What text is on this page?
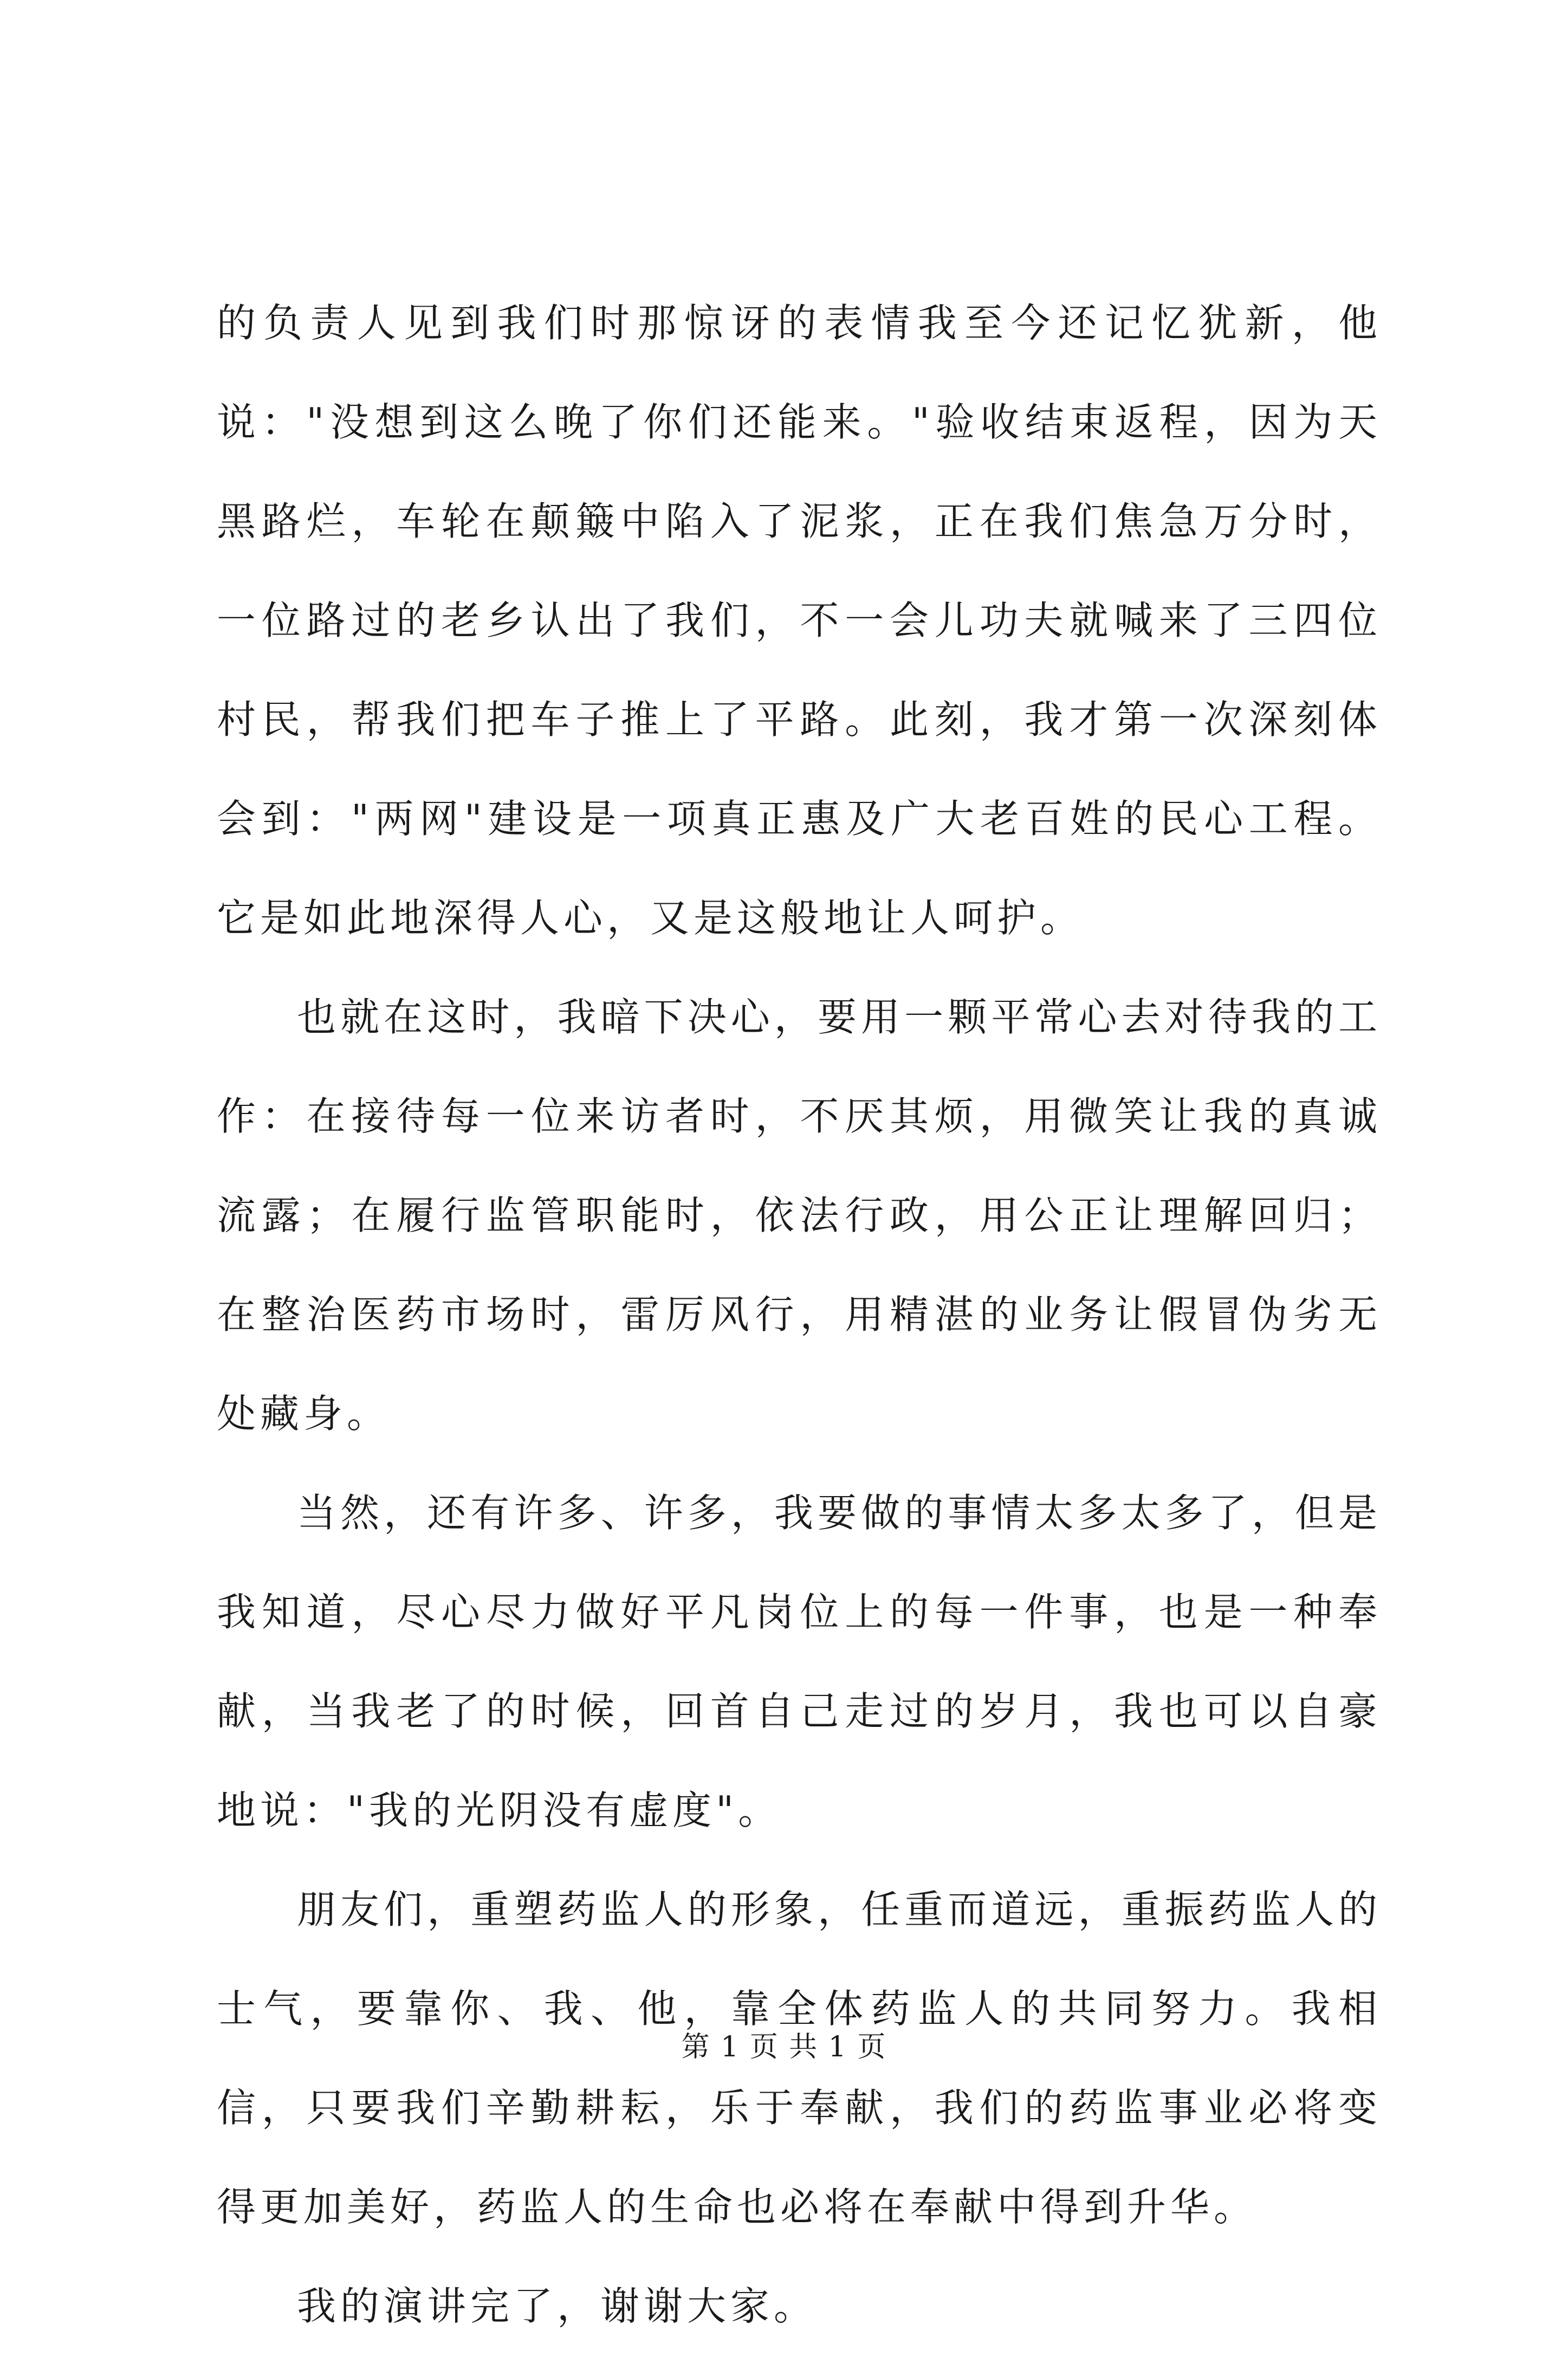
的负责人见到我们时那惊讶的表情我至今还记忆犹新，他说："没想到这么晚了你们还能来。"验收结束返程，因为天黑路烂，车轮在颠簸中陷入了泥浆，正在我们焦急万分时，一位路过的老乡认出了我们，不一会儿功夫就喊来了三四位村民，帮我们把车子推上了平路。此刻，我才第一次深刻体会到："两网"建设是一项真正惠及广大老百姓的民心工程。它是如此地深得人心，又是这般地让人呵护。

也就在这时，我暗下决心，要用一颗平常心去对待我的工作：在接待每一位来访者时，不厌其烦，用微笑让我的真诚流露；在履行监管职能时，依法行政，用公正让理解回归；在整治医药市场时，雷厉风行，用精湛的业务让假冒伪劣无处藏身。

当然，还有许多、许多，我要做的事情太多太多了，但是我知道，尽心尽力做好平凡岗位上的每一件事，也是一种奉献，当我老了的时候，回首自己走过的岁月，我也可以自豪地说："我的光阴没有虚度"。

朋友们，重塑药监人的形象，任重而道远，重振药监人的士气，要靠你、我、他，靠全体药监人的共同努力。我相信，只要我们辛勤耕耘，乐于奉献，我们的药监事业必将变得更加美好，药监人的生命也必将在奉献中得到升华。

我的演讲完了，谢谢大家。

第 1 页 共 1 页
